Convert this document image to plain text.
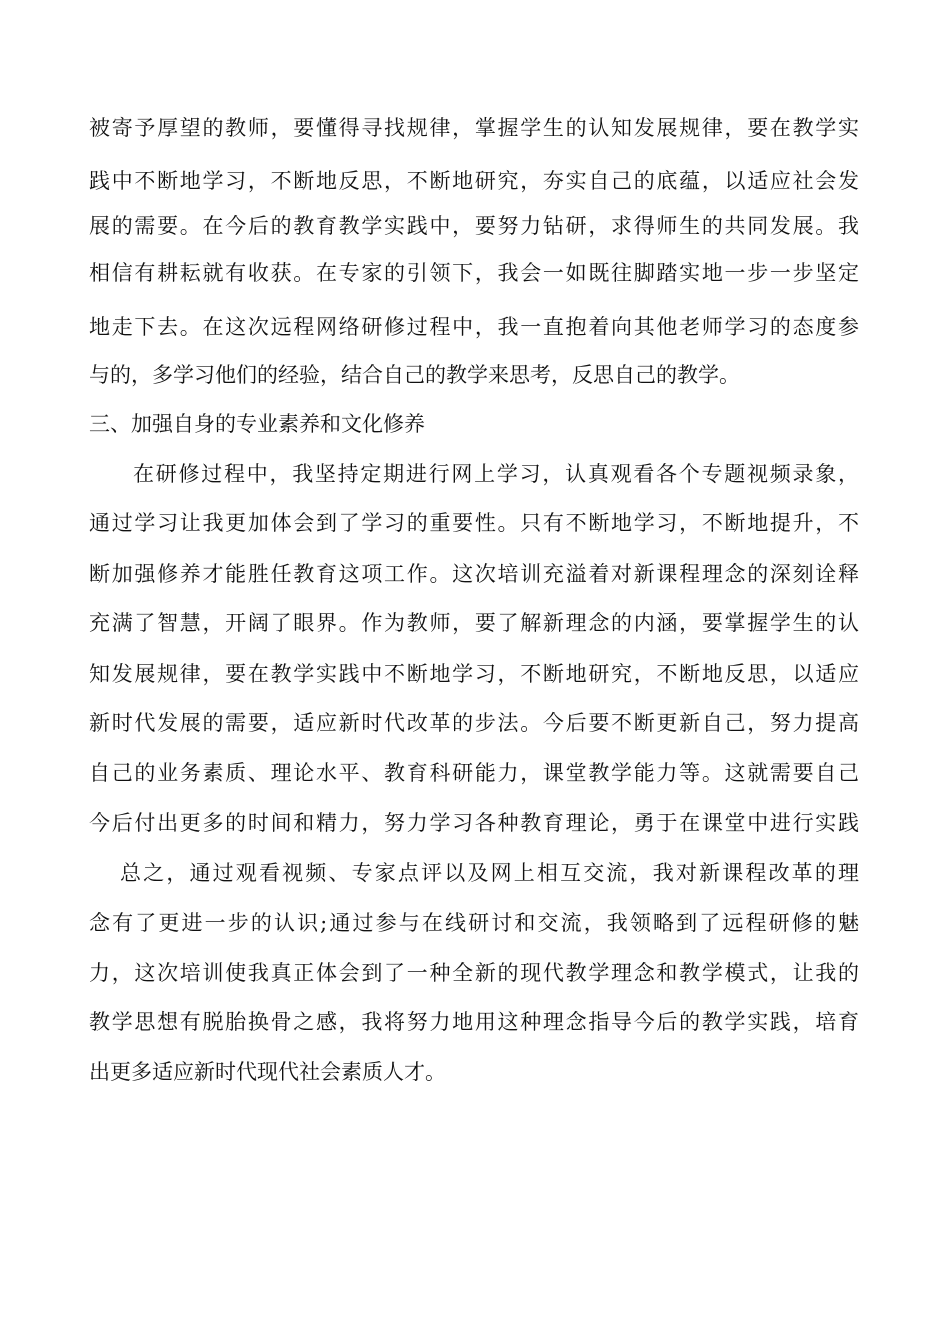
被寄予厚望的教师，要懂得寻找规律，掌握学生的认知发展规律，要在教学实
践中不断地学习，不断地反思，不断地研究，夯实自己的底蕴，以适应社会发
展的需要。在今后的教育教学实践中，要努力钻研，求得师生的共同发展。我
相信有耕耘就有收获。在专家的引领下，我会一如既往脚踏实地一步一步坚定
地走下去。在这次远程网络研修过程中，我一直抱着向其他老师学习的态度参
与的，多学习他们的经验，结合自己的教学来思考，反思自己的教学。
三、加强自身的专业素养和文化修养
在研修过程中，我坚持定期进行网上学习，认真观看各个专题视频录象，
通过学习让我更加体会到了学习的重要性。只有不断地学习，不断地提升，不
断加强修养才能胜任教育这项工作。这次培训充溢着对新课程理念的深刻诠释
充满了智慧，开阔了眼界。作为教师，要了解新理念的内涵，要掌握学生的认
知发展规律，要在教学实践中不断地学习，不断地研究，不断地反思，以适应
新时代发展的需要，适应新时代改革的步法。今后要不断更新自己，努力提高
自己的业务素质、理论水平、教育科研能力，课堂教学能力等。这就需要自己
今后付出更多的时间和精力，努力学习各种教育理论，勇于在课堂中进行实践
总之，通过观看视频、专家点评以及网上相互交流，我对新课程改革的理
念有了更进一步的认识;通过参与在线研讨和交流，我领略到了远程研修的魅
力，这次培训使我真正体会到了一种全新的现代教学理念和教学模式，让我的
教学思想有脱胎换骨之感，我将努力地用这种理念指导今后的教学实践，培育
出更多适应新时代现代社会素质人才。
